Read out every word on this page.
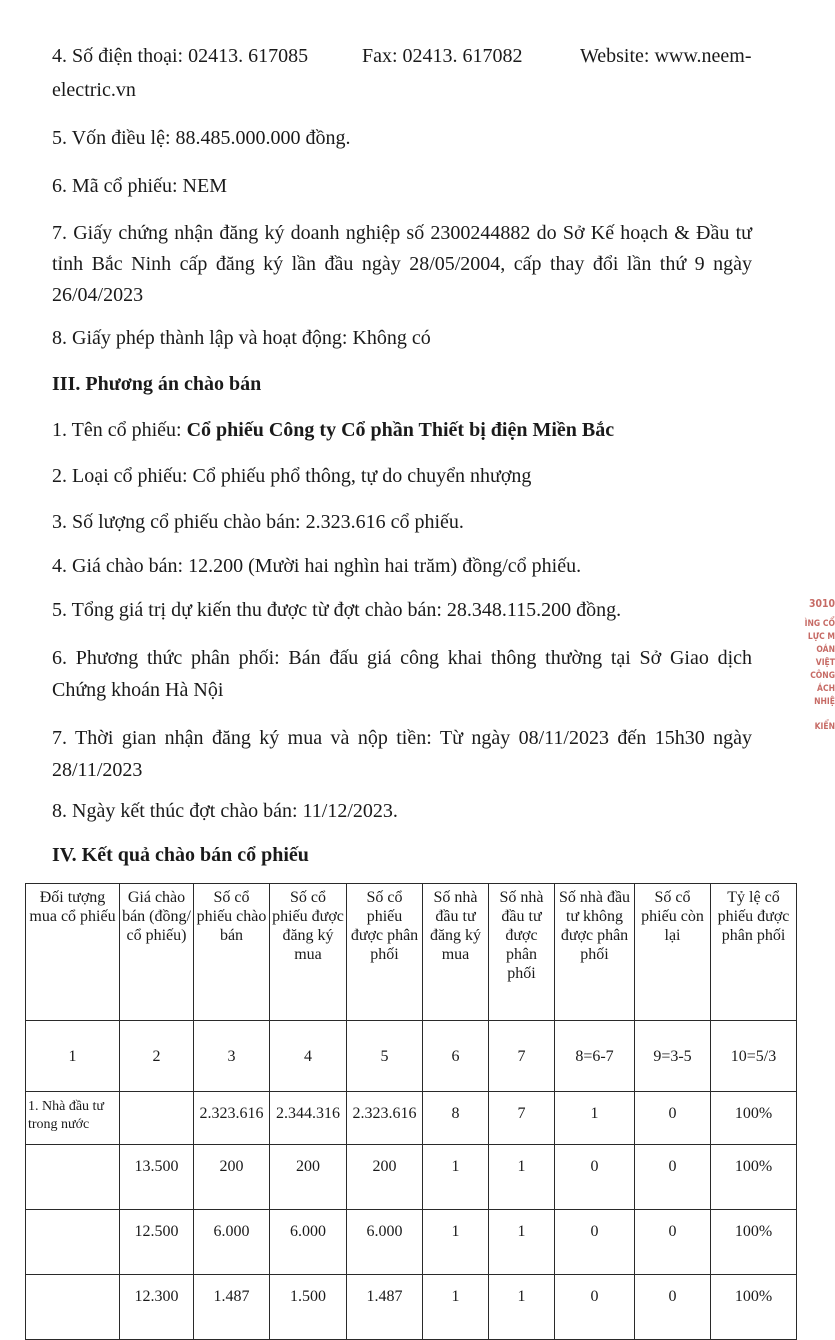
4. Số điện thoại: 02413. 617085	Fax: 02413. 617082	Website: www.neem-
electric.vn
5. Vốn điều lệ: 88.485.000.000 đồng.
6. Mã cổ phiếu: NEM
7. Giấy chứng nhận đăng ký doanh nghiệp số 2300244882 do Sở Kế hoạch & Đầu tư tỉnh Bắc Ninh cấp đăng ký lần đầu ngày 28/05/2004, cấp thay đổi lần thứ 9 ngày 26/04/2023
8. Giấy phép thành lập và hoạt động: Không có
III. Phương án chào bán
1. Tên cổ phiếu: Cổ phiếu Công ty Cổ phần Thiết bị điện Miền Bắc
2. Loại cổ phiếu: Cổ phiếu phổ thông, tự do chuyển nhượng
3. Số lượng cổ phiếu chào bán: 2.323.616 cổ phiếu.
4. Giá chào bán: 12.200 (Mười hai nghìn hai trăm) đồng/cổ phiếu.
5. Tổng giá trị dự kiến thu được từ đợt chào bán: 28.348.115.200 đồng.
6. Phương thức phân phối: Bán đấu giá công khai thông thường tại Sở Giao dịch Chứng khoán Hà Nội
7. Thời gian nhận đăng ký mua và nộp tiền: Từ ngày 08/11/2023 đến 15h30 ngày 28/11/2023
8. Ngày kết thúc đợt chào bán: 11/12/2023.
IV. Kết quả chào bán cổ phiếu
Đối tượng mua cổ phiếu	Giá chào bán (đồng/ cổ phiếu)	Số cổ phiếu chào bán	Số cổ phiếu được đăng ký mua	Số cổ phiếu được phân phối	Số nhà đầu tư đăng ký mua	Số nhà đầu tư được phân phối	Số nhà đầu tư không được phân phối	Số cổ phiếu còn lại	Tỷ lệ cổ phiếu được phân phối
1	2	3	4	5	6	7	8=6-7	9=3-5	10=5/3
1. Nhà đầu tư trong nước		2.323.616	2.344.316	2.323.616	8	7	1	0	100%
	13.500	200	200	200	1	1	0	0	100%
	12.500	6.000	6.000	6.000	1	1	0	0	100%
	12.300	1.487	1.500	1.487	1	1	0	0	100%
3010
ÌNG CỔ
LỰC M
OÁN
VIỆT
CÔNG
ÁCH NHIỆ
KIỂN
